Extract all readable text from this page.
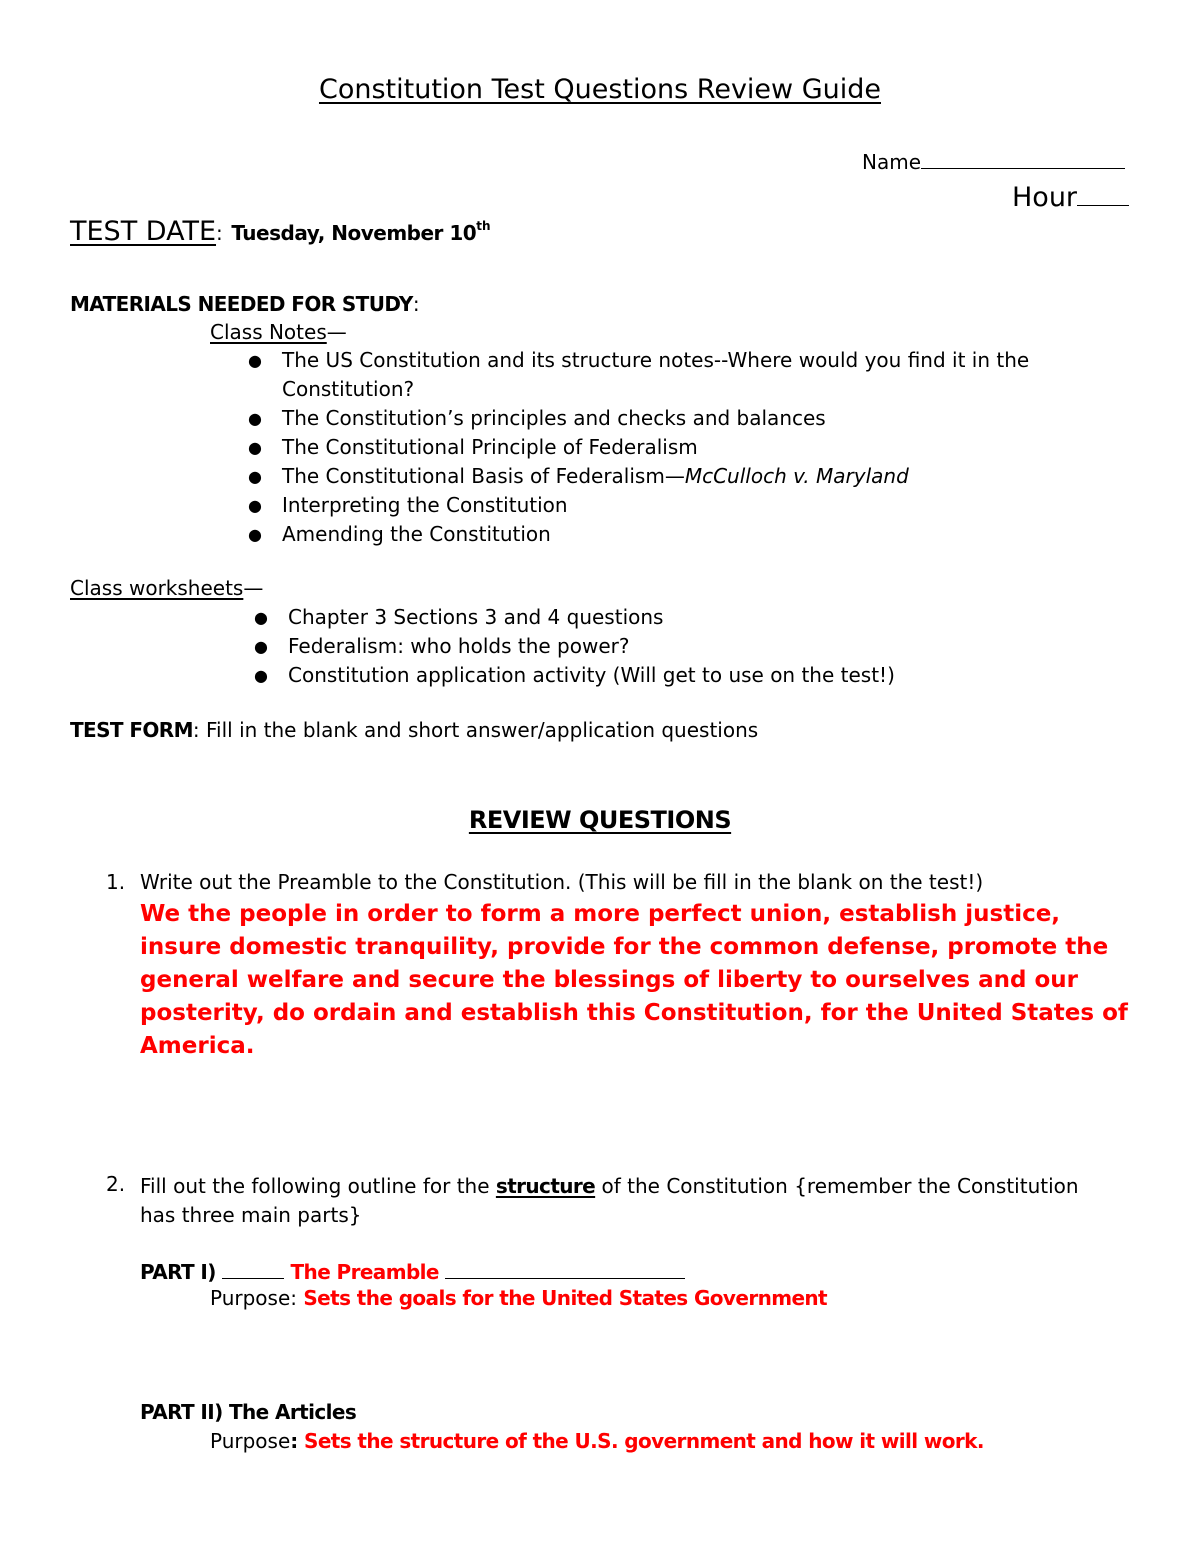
Constitution Test Questions Review Guide
Name
Hour
TEST DATE: Tuesday, November 10th
MATERIALS NEEDED FOR STUDY:
Class Notes—
● The US Constitution and its structure notes--Where would you find it in the
Constitution?
● The Constitution’s principles and checks and balances
● The Constitutional Principle of Federalism
● The Constitutional Basis of Federalism—McCulloch v. Maryland
● Interpreting the Constitution
● Amending the Constitution
Class worksheets—
● Chapter 3 Sections 3 and 4 questions
● Federalism: who holds the power?
● Constitution application activity (Will get to use on the test!)
TEST FORM: Fill in the blank and short answer/application questions
REVIEW QUESTIONS
1. Write out the Preamble to the Constitution. (This will be fill in the blank on the test!)
We the people in order to form a more perfect union, establish justice, insure domestic tranquility, provide for the common defense, promote the general welfare and secure the blessings of liberty to ourselves and our posterity, do ordain and establish this Constitution, for the United States of America.
2. Fill out the following outline for the structure of the Constitution {remember the Constitution has three main parts}
PART I)	The Preamble
Purpose: Sets the goals for the United States Government
PART II) The Articles
Purpose: Sets the structure of the U.S. government and how it will work.
